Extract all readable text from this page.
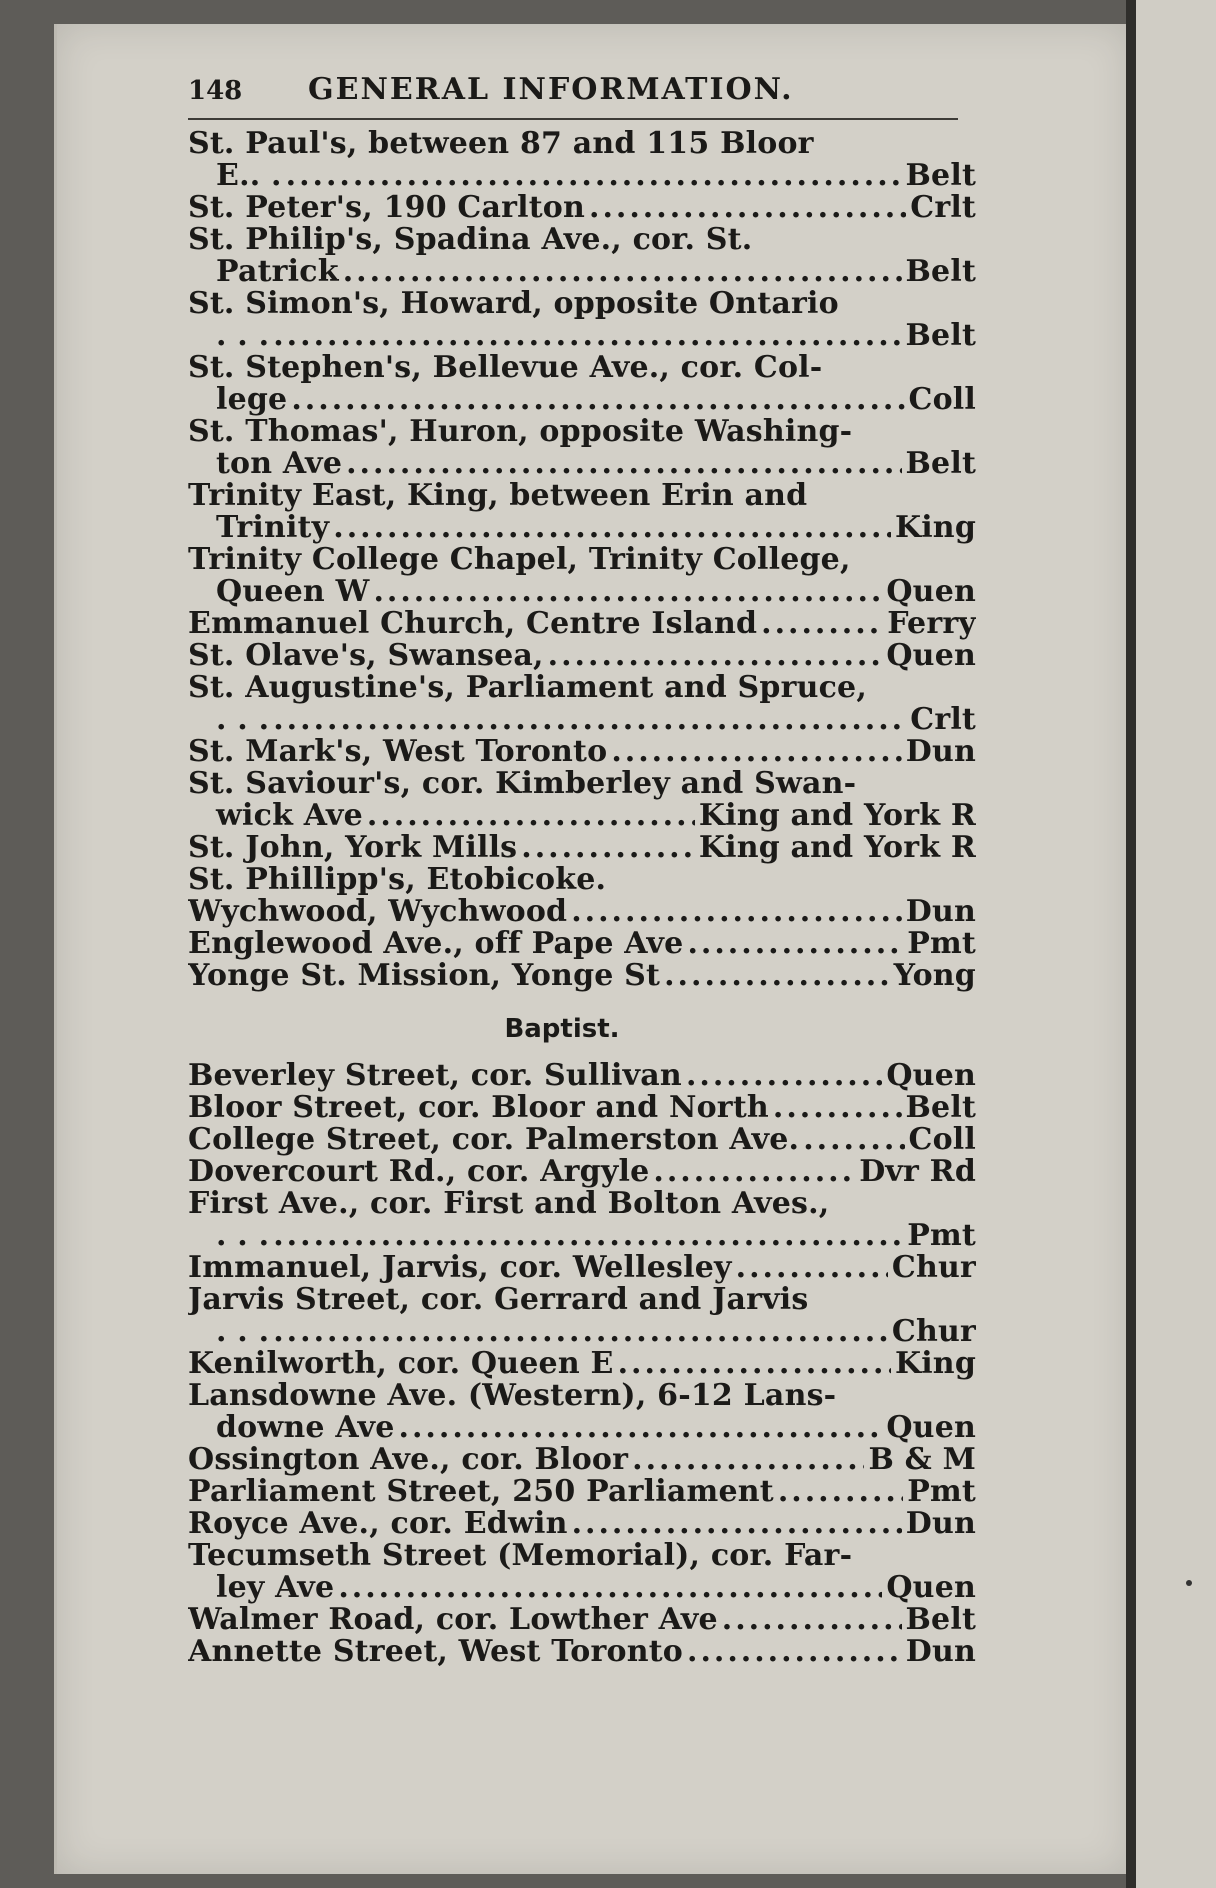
148	GENERAL INFORMATION.
St. Paul's, between 87 and 115 Bloor
E.. . .....	Belt
St. Peter's, 190 Carlton .....	Crlt
St. Philip's, Spadina Ave., cor. St.
Patrick .....	Belt
St. Simon's, Howard, opposite Ontario
. . . .....	Belt
St. Stephen's, Bellevue Ave., cor. Col-
lege .....	Coll
St. Thomas', Huron, opposite Washing-
ton Ave .....	Belt
Trinity East, King, between Erin and
Trinity .....	King
Trinity College Chapel, Trinity College,
Queen W .....	Quen
Emmanuel Church, Centre Island .....	Ferry
St. Olave's, Swansea, .....	Quen
St. Augustine's, Parliament and Spruce,
. . . .....	Crlt
St. Mark's, West Toronto .....	Dun
St. Saviour's, cor. Kimberley and Swan-
wick Ave .....	King and York R
St. John, York Mills .....	King and York R
St. Phillipp's, Etobicoke.
Wychwood, Wychwood .....	Dun
Englewood Ave., off Pape Ave .....	Pmt
Yonge St. Mission, Yonge St .....	Yong
Baptist.
Beverley Street, cor. Sullivan .....	Quen
Bloor Street, cor. Bloor and North .....	Belt
College Street, cor. Palmerston Ave. .....	Coll
Dovercourt Rd., cor. Argyle .....	Dvr Rd
First Ave., cor. First and Bolton Aves.,
. . . .....	Pmt
Immanuel, Jarvis, cor. Wellesley .....	Chur
Jarvis Street, cor. Gerrard and Jarvis
. . . .....	Chur
Kenilworth, cor. Queen E .....	King
Lansdowne Ave. (Western), 6-12 Lans-
downe Ave .....	Quen
Ossington Ave., cor. Bloor .....	B & M
Parliament Street, 250 Parliament .....	Pmt
Royce Ave., cor. Edwin .....	Dun
Tecumseth Street (Memorial), cor. Far-
ley Ave .....	Quen
Walmer Road, cor. Lowther Ave .....	Belt
Annette Street, West Toronto .....	Dun
